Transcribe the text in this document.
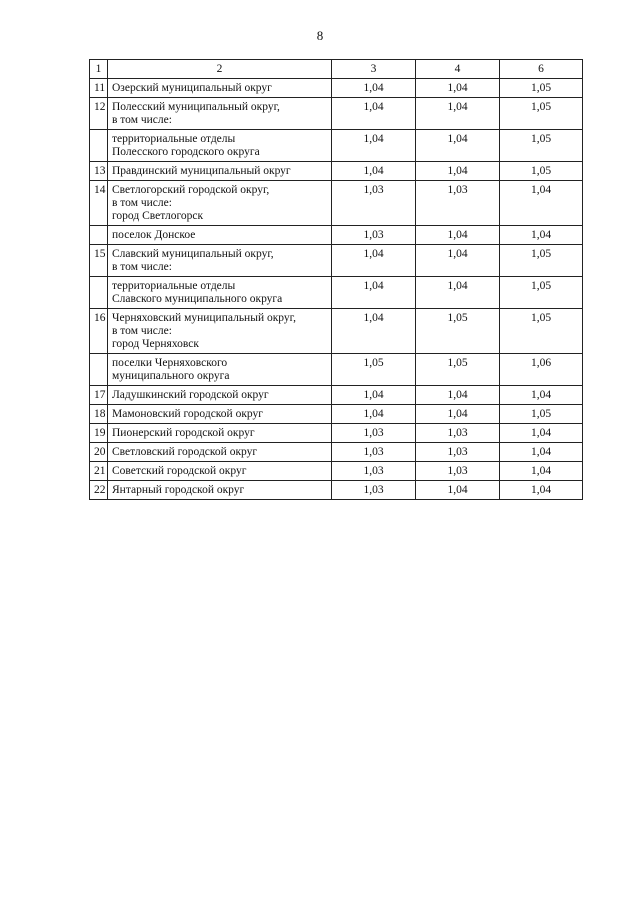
8
1	2	3	4	6
11	Озерский муниципальный округ	1,04	1,04	1,05
12	Полесский муниципальный округ,
в том числе:	1,04	1,04	1,05

	территориальные отделы
Полесского городского округа	1,04	1,04	1,05
13	Правдинский муниципальный округ	1,04	1,04	1,05
14	Светлогорский городской округ,
в том числе:
город Светлогорск	1,03	1,03	1,04

	поселок Донское	1,03	1,04	1,04
15	Славский муниципальный округ,
в том числе:	1,04	1,04	1,05

	территориальные отделы
Славского муниципального округа	1,04	1,04	1,05
16	Черняховский муниципальный округ,
в том числе:
город Черняховск	1,04	1,05	1,05

	поселки Черняховского
муниципального округа	1,05	1,05	1,06
17	Ладушкинский городской округ	1,04	1,04	1,04
18	Мамоновский городской округ	1,04	1,04	1,05
19	Пионерский городской округ	1,03	1,03	1,04
20	Светловский городской округ	1,03	1,03	1,04
21	Советский городской округ	1,03	1,03	1,04
22	Янтарный городской округ	1,03	1,04	1,04
